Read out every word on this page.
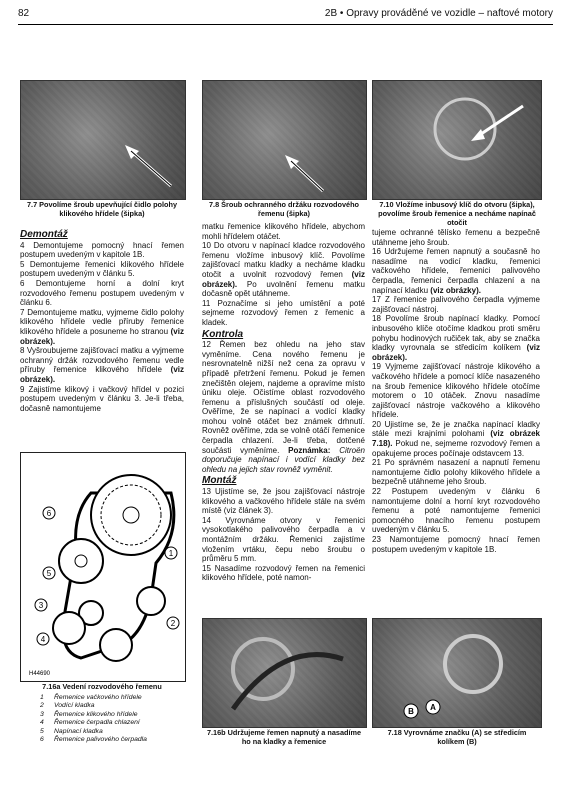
82	2B • Opravy prováděné ve vozidle – naftové motory
7.7 Povolíme šroub upevňující čidlo polohy klikového hřídele (šipka)
7.8 Šroub ochranného držáku rozvodového řemenu (šipka)
7.10 Vložíme inbusový klíč do otvoru (šipka), povolíme šroub řemenice a necháme napínač otočit
Demontáž

4 Demontujeme pomocný hnací řemen postupem uvedeným v kapitole 1B.

5 Demontujeme řemenici klikového hřídele postupem uvedeným v článku 5.

6 Demontujeme horní a dolní kryt rozvodového řemenu postupem uvedeným v článku 6.

7 Demontujeme matku, vyjmeme čidlo polohy klikového hřídele vedle příruby řemenice klikového hřídele a posuneme ho stranou (viz obrázek).

8 Vyšroubujeme zajišťovací matku a vyjmeme ochranný držák rozvodového řemenu vedle příruby řemenice klikového hřídele (viz obrázek).

9 Zajistíme klikový i vačkový hřídel v pozici postupem uvedeným v článku 3. Je-li třeba, dočasně namontujeme

6
5
3
4
1
2
H44690
7.16a Vedení rozvodového řemenu
1	Řemenice vačkového hřídele
2	Vodící kladka
3	Řemenice klikového hřídele
4	Řemenice čerpadla chlazení
5	Napínací kladka
6	Řemenice palivového čerpadla

matku řemenice klikového hřídele, abychom mohli hřídelem otáčet.

10 Do otvoru v napínací kladce rozvodového řemenu vložíme inbusový klíč. Povolíme zajišťovací matku kladky a necháme kladku otočit a uvolnit rozvodový řemen (viz obrázek). Po uvolnění řemenu matku dočasně opět utáhneme.

11 Poznačíme si jeho umístění a poté sejmeme rozvodový řemen z řemenic a kladek.

Kontrola

12 Řemen bez ohledu na jeho stav vyměníme. Cena nového řemenu je nesrovnatelně nižší než cena za opravu v případě přetržení řemenu. Pokud je řemen znečištěn olejem, najdeme a opravíme místo úniku oleje. Očistíme oblast rozvodového řemenu a příslušných součástí od oleje. Ověříme, že se napínací a vodící kladky mohou volně otáčet bez známek drhnutí. Rovněž ověříme, zda se volně otáčí řemenice čerpadla chlazení. Je-li třeba, dotčené součásti vyměníme. Poznámka: Citroën doporučuje napínací i vodící kladky bez ohledu na jejich stav rovněž vyměnit.

Montáž

13 Ujistíme se, že jsou zajišťovací nástroje klikového a vačkového hřídele stále na svém místě (viz článek 3).

14 Vyrovnáme otvory v řemenici vysokotlakého palivového čerpadla a v montážním držáku. Řemenici zajistíme vložením vrtáku, čepu nebo šroubu o průměru 5 mm.

15 Nasadíme rozvodový řemen na řemenici klikového hřídele, poté namon-

7.16b Udržujeme řemen napnutý a nasadíme ho na kladky a řemenice

tujeme ochranné tělísko řemenu a bezpečně utáhneme jeho šroub.

16 Udržujeme řemen napnutý a současně ho nasadíme na vodicí kladku, řemenici vačkového hřídele, řemenici palivového čerpadla, řemenici čerpadla chlazení a na napínací kladku (viz obrázky).

17 Z řemenice palivového čerpadla vyjmeme zajišťovací nástroj.

18 Povolíme šroub napínací kladky. Pomocí inbusového klíče otočíme kladkou proti směru pohybu hodinových ručiček tak, aby se značka kladky vyrovnala se středicím kolíkem (viz obrázek).

19 Vyjmeme zajišťovací nástroje klikového a vačkového hřídele a pomocí klíče nasazeného na šroub řemenice klikového hřídele otočíme motorem o 10 otáček. Znovu nasadíme zajišťovací nástroje vačkového a klikového hřídele.

20 Ujistíme se, že je značka napínací kladky stále mezi krajními polohami (viz obrázek 7.18). Pokud ne, sejmeme rozvodový řemen a opakujeme proces počínaje odstavcem 13.

21 Po správném nasazení a napnutí řemenu namontujeme čidlo polohy klikového hřídele a bezpečně utáhneme jeho šroub.

22 Postupem uvedeným v článku 6 namontujeme dolní a horní kryt rozvodového řemenu a poté namontujeme řemenici pomocného hnacího řemenu postupem uvedeným v článku 5.

23 Namontujeme pomocný hnací řemen postupem uvedeným v kapitole 1B.

B A
7.18 Vyrovnáme značku (A) se středicím kolíkem (B)
